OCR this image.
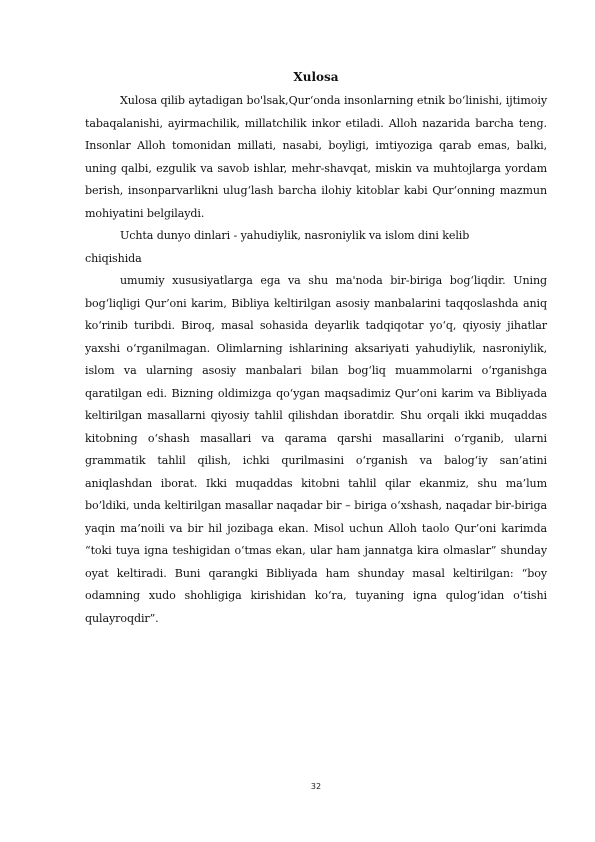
Xulosa

Xulosa qilib aytadigan bo'lsak,Qur‘onda insonlarning etnik bo‘linishi, ijtimoiy tabaqalanishi, ayirmachilik, millatchilik inkor etiladi. Alloh nazarida barcha teng. Insonlar Alloh tomonidan millati, nasabi, boyligi, imtiyoziga qarab emas, balki, uning qalbi, ezgulik va savob ishlar, mehr-shavqat, miskin va muhtojlarga yordam berish, insonparvarlikni ulug‘lash barcha ilohiy kitoblar kabi Qur‘onning mazmun mohiyatini belgilaydi.

Uchta dunyo dinlari - yahudiylik, nasroniylik va islom dini kelib chiqishida

umumiy xususiyatlarga ega va shu ma'noda bir-biriga bog‘liqdir. Uning bog‘liqligi Qur’oni karim, Bibliya keltirilgan asosiy manbalarini taqqoslashda aniq ko‘rinib turibdi. Biroq, masal sohasida deyarlik tadqiqotar yo‘q, qiyosiy jihatlar yaxshi o‘rganilmagan. Olimlarning ishlarining aksariyati yahudiylik, nasroniylik, islom va ularning asosiy manbalari bilan bog‘liq muammolarni o‘rganishga qaratilgan edi. Bizning oldimizga qo‘ygan maqsadimiz Qur’oni karim va Bibliyada keltirilgan masallarni qiyosiy tahlil qilishdan iboratdir. Shu orqali ikki muqaddas kitobning o‘shash masallari va qarama qarshi masallarini o‘rganib, ularni grammatik tahlil qilish, ichki qurilmasini o‘rganish va balog‘iy san’atini aniqlashdan iborat. Ikki muqaddas kitobni tahlil qilar ekanmiz, shu ma’lum bo’ldiki, unda keltirilgan masallar naqadar bir – biriga o‘xshash, naqadar bir-biriga yaqin ma’noili va bir hil jozibaga ekan. Misol uchun Alloh taolo Qur’oni karimda “toki tuya igna teshigidan o‘tmas ekan, ular ham jannatga kira olmaslar” shunday oyat keltiradi. Buni qarangki Bibliyada ham shunday masal keltirilgan: “boy odamning xudo shohligiga kirishidan ko‘ra, tuyaning igna qulog‘idan o‘tishi qulayroqdir”.

32
